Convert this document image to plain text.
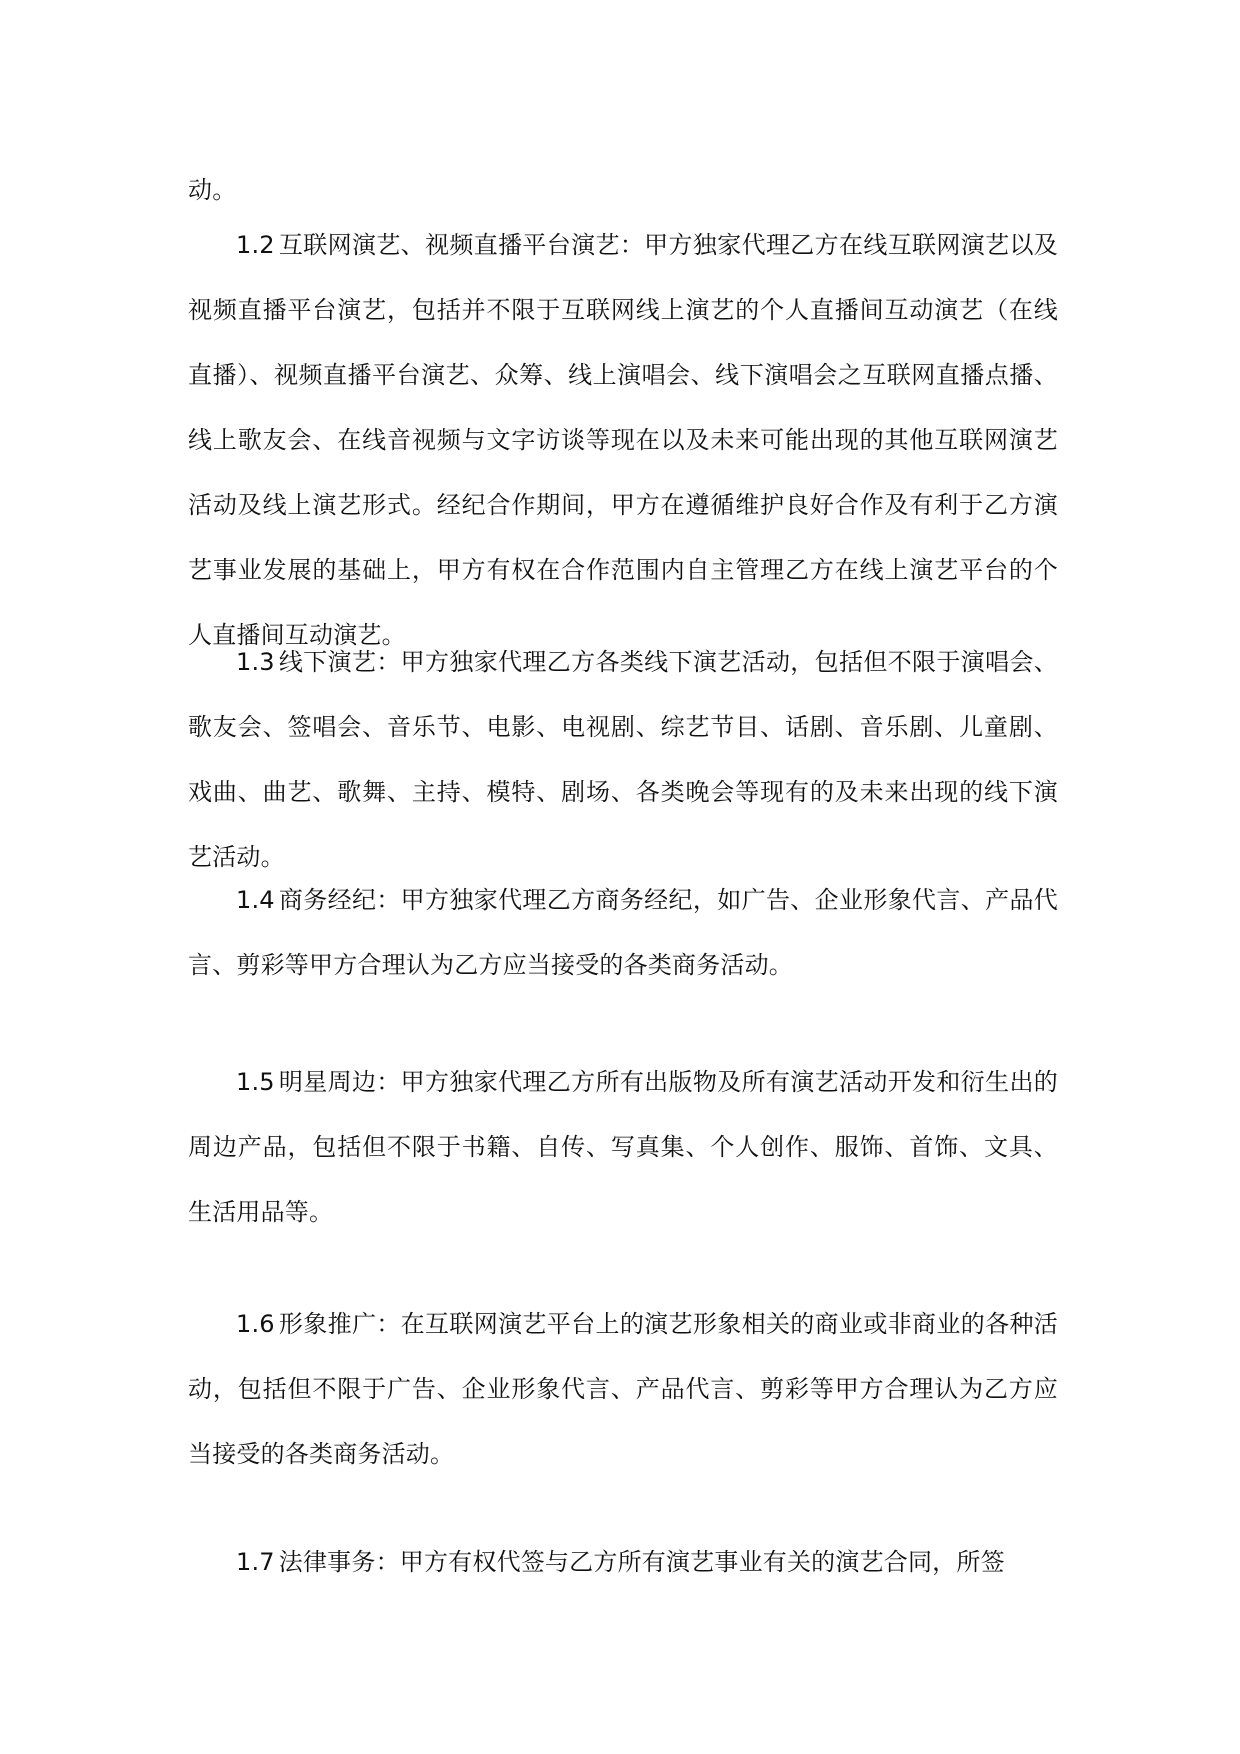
动。

1.2 互联网演艺、视频直播平台演艺：甲方独家代理乙方在线互联网演艺以及视频直播平台演艺，包括并不限于互联网线上演艺的个人直播间互动演艺（在线直播）、视频直播平台演艺、众筹、线上演唱会、线下演唱会之互联网直播点播、线上歌友会、在线音视频与文字访谈等现在以及未来可能出现的其他互联网演艺活动及线上演艺形式。经纪合作期间，甲方在遵循维护良好合作及有利于乙方演艺事业发展的基础上，甲方有权在合作范围内自主管理乙方在线上演艺平台的个人直播间互动演艺。

1.3 线下演艺：甲方独家代理乙方各类线下演艺活动，包括但不限于演唱会、歌友会、签唱会、音乐节、电影、电视剧、综艺节目、话剧、音乐剧、儿童剧、戏曲、曲艺、歌舞、主持、模特、剧场、各类晚会等现有的及未来出现的线下演艺活动。

1.4 商务经纪：甲方独家代理乙方商务经纪，如广告、企业形象代言、产品代言、剪彩等甲方合理认为乙方应当接受的各类商务活动。

1.5 明星周边：甲方独家代理乙方所有出版物及所有演艺活动开发和衍生出的周边产品，包括但不限于书籍、自传、写真集、个人创作、服饰、首饰、文具、生活用品等。

1.6 形象推广：在互联网演艺平台上的演艺形象相关的商业或非商业的各种活动，包括但不限于广告、企业形象代言、产品代言、剪彩等甲方合理认为乙方应当接受的各类商务活动。

1.7 法律事务：甲方有权代签与乙方所有演艺事业有关的演艺合同，所签
